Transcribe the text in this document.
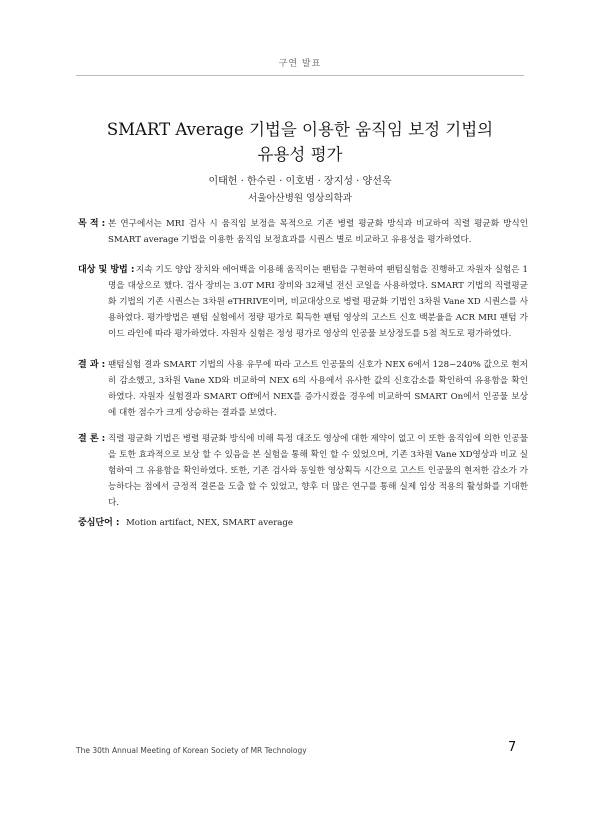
구연 발표
SMART Average 기법을 이용한 움직임 보정 기법의
유용성 평가
이태헌 · 한수린 · 이호범 · 장지성 · 양선욱
서울아산병원 영상의학과
목 적 : 본 연구에서는 MRI 검사 시 움직임 보정을 목적으로 기존 병렬 평균화 방식과 비교하여 직렬 평균화 방식인 SMART average 기법을 이용한 움직임 보정효과를 시퀀스 별로 비교하고 유용성을 평가하였다.
대상 및 방법 : 지속 기도 양압 장치와 에어백을 이용해 움직이는 팬텀을 구현하여 팬텀실험을 진행하고 자원자 실험은 1명을 대상으로 했다. 검사 장비는 3.0T MRI 장비와 32채널 전신 코일을 사용하였다. SMART 기법의 직렬평균화 기법의 기존 시퀀스는 3차원 eTHRIVE이며, 비교대상으로 병렬 평균화 기법인 3차원 Vane XD 시퀀스를 사용하였다. 평가방법은 팬텀 실험에서 정량 평가로 획득한 팬텀 영상의 고스트 신호 백분율을 ACR MRI 팬텀 가이드 라인에 따라 평가하였다. 자원자 실험은 정성 평가로 영상의 인공물 보상정도를 5점 척도로 평가하였다.
결 과 : 팬텀실험 결과 SMART 기법의 사용 유무에 따라 고스트 인공물의 신호가 NEX 6에서 128~240% 값으로 현저히 감소했고, 3차원 Vane XD와 비교하여 NEX 6의 사용에서 유사한 값의 신호감소를 확인하여 유용함을 확인하였다. 자원자 실험결과 SMART Off에서 NEX를 증가시켰을 경우에 비교하여 SMART On에서 인공물 보상에 대한 점수가 크게 상승하는 결과를 보였다.
결 론 : 직렬 평균화 기법은 병렬 평균화 방식에 비해 특정 대조도 영상에 대한 제약이 없고 이 또한 움직임에 의한 인공물을 토한 효과적으로 보상 할 수 있음을 본 실험을 통해 확인 할 수 있었으며, 기존 3차원 Vane XD영상과 비교 실험하여 그 유용함을 확인하였다. 또한, 기존 검사와 동일한 영상획득 시간으로 고스트 인공물의 현저한 감소가 가능하다는 점에서 긍정적 결론을 도출 할 수 있었고, 향후 더 많은 연구를 통해 실제 임상 적용의 활성화를 기대한다.
중심단어 : Motion artifact, NEX, SMART average
The 30th Annual Meeting of Korean Society of MR Technology	7
